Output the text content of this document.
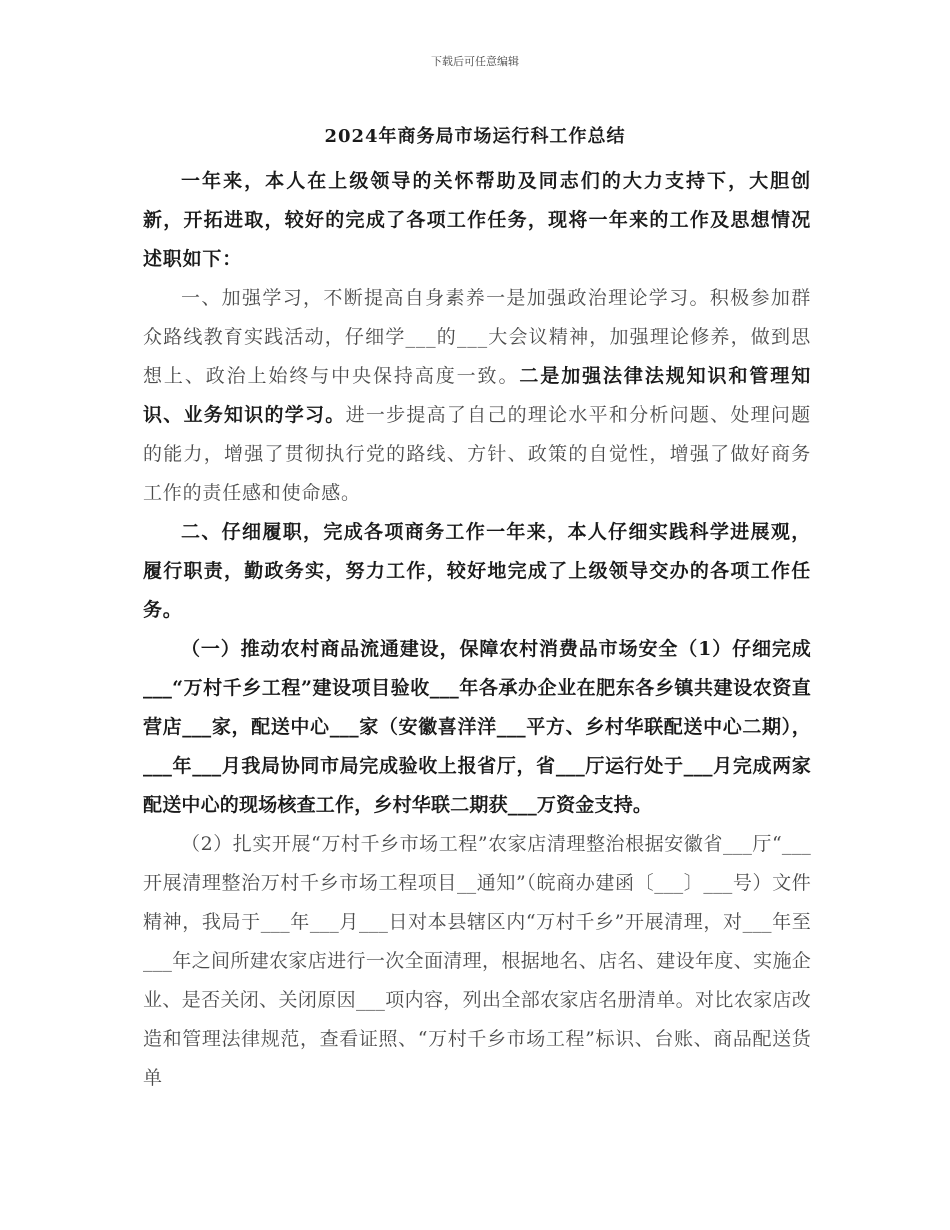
下载后可任意编辑
2024年商务局市场运行科工作总结

一年来，本人在上级领导的关怀帮助及同志们的大力支持下，大胆创新，开拓进取，较好的完成了各项工作任务，现将一年来的工作及思想情况述职如下：

一、加强学习，不断提高自身素养一是加强政治理论学习。积极参加群众路线教育实践活动，仔细学___的___大会议精神，加强理论修养，做到思想上、政治上始终与中央保持高度一致。二是加强法律法规知识和管理知识、业务知识的学习。进一步提高了自己的理论水平和分析问题、处理问题的能力，增强了贯彻执行党的路线、方针、政策的自觉性，增强了做好商务工作的责任感和使命感。

二、仔细履职，完成各项商务工作一年来，本人仔细实践科学进展观，履行职责，勤政务实，努力工作，较好地完成了上级领导交办的各项工作任务。

（一）推动农村商品流通建设，保障农村消费品市场安全（1）仔细完成___“万村千乡工程”建设项目验收___年各承办企业在肥东各乡镇共建设农资直营店___家，配送中心___家（安徽喜洋洋___平方、乡村华联配送中心二期），___年___月我局协同市局完成验收上报省厅，省___厅运行处于___月完成两家配送中心的现场核查工作，乡村华联二期获___万资金支持。

（2）扎实开展“万村千乡市场工程”农家店清理整治根据安徽省___厅“___开展清理整治万村千乡市场工程项目__通知”（皖商办建函〔___〕___号）文件精神，我局于___年___月___日对本县辖区内“万村千乡”开展清理，对___年至___年之间所建农家店进行一次全面清理，根据地名、店名、建设年度、实施企业、是否关闭、关闭原因___项内容，列出全部农家店名册清单。对比农家店改造和管理法律规范，查看证照、“万村千乡市场工程”标识、台账、商品配送货单
